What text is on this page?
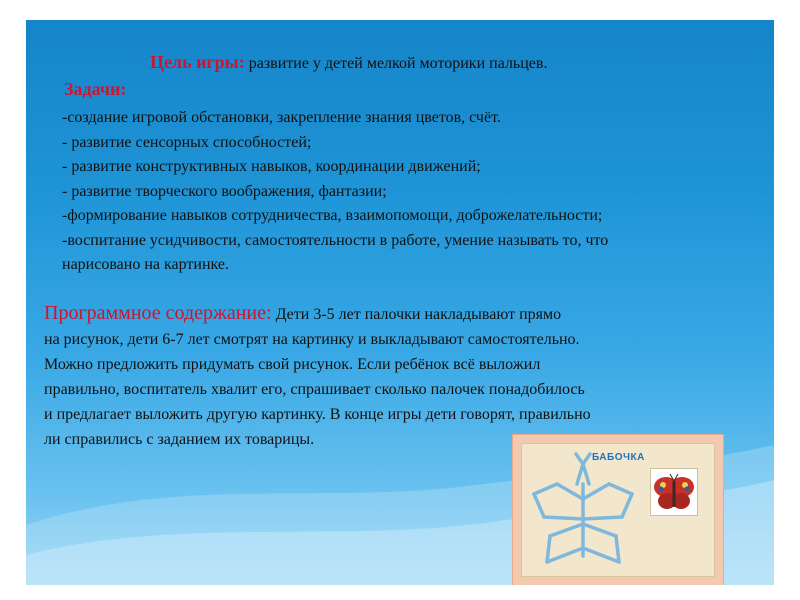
Цель игры: развитие у детей мелкой моторики пальцев.
Задачи:
-создание игровой обстановки, закрепление знания цветов, счёт.
- развитие сенсорных способностей;
- развитие конструктивных навыков, координации движений;
- развитие творческого воображения, фантазии;
-формирование навыков сотрудничества, взаимопомощи, доброжелательности;
-воспитание усидчивости, самостоятельности в работе, умение называть то, что
нарисовано на картинке.
Программное содержание: Дети 3-5 лет палочки накладывают прямо
на рисунок, дети 6-7 лет смотрят на картинку и выкладывают самостоятельно.
Можно предложить придумать свой рисунок. Если ребёнок всё выложил
правильно, воспитатель хвалит его, спрашивает сколько палочек понадобилось
и предлагает выложить другую картинку. В конце игры дети говорят, правильно
ли справились с заданием их товарицы.
БАБОЧКА
